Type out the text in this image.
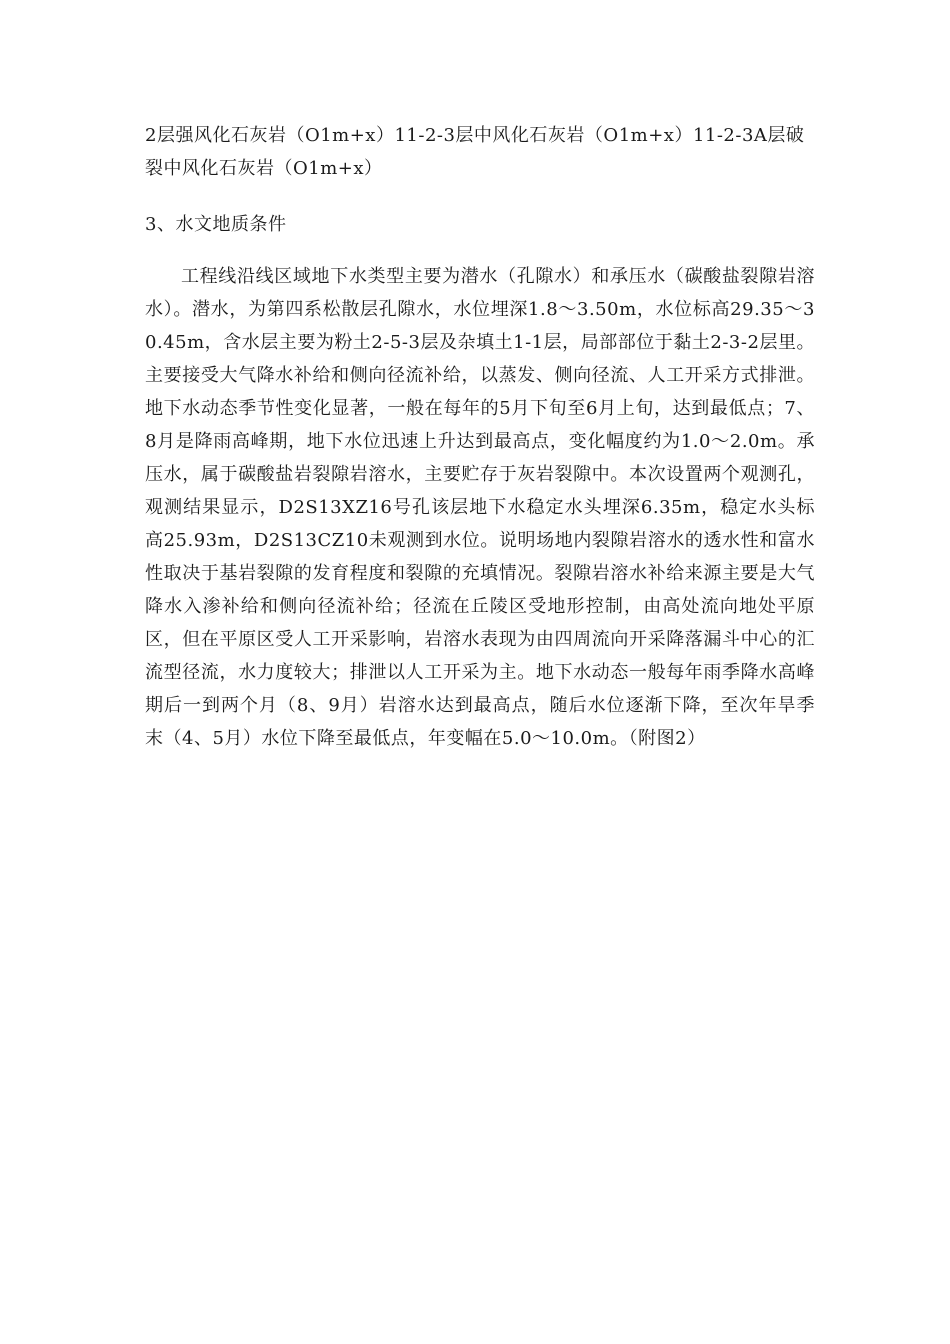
2层强风化石灰岩（O1m+x）11-2-3层中风化石灰岩（O1m+x）11-2-3A层破裂中风化石灰岩（O1m+x）
3、水文地质条件
工程线沿线区域地下水类型主要为潜水（孔隙水）和承压水（碳酸盐裂隙岩溶水）。潜水，为第四系松散层孔隙水，水位埋深1.8～3.50m，水位标高29.35～30.45m，含水层主要为粉土2-5-3层及杂填土1-1层，局部部位于黏土2-3-2层里。主要接受大气降水补给和侧向径流补给，以蒸发、侧向径流、人工开采方式排泄。地下水动态季节性变化显著，一般在每年的5月下旬至6月上旬，达到最低点；7、8月是降雨高峰期，地下水位迅速上升达到最高点，变化幅度约为1.0～2.0m。承压水，属于碳酸盐岩裂隙岩溶水，主要贮存于灰岩裂隙中。本次设置两个观测孔，观测结果显示，D2S13XZ16号孔该层地下水稳定水头埋深6.35m，稳定水头标高25.93m，D2S13CZ10未观测到水位。说明场地内裂隙岩溶水的透水性和富水性取决于基岩裂隙的发育程度和裂隙的充填情况。裂隙岩溶水补给来源主要是大气降水入渗补给和侧向径流补给；径流在丘陵区受地形控制，由高处流向地处平原区，但在平原区受人工开采影响，岩溶水表现为由四周流向开采降落漏斗中心的汇流型径流，水力度较大；排泄以人工开采为主。地下水动态一般每年雨季降水高峰期后一到两个月（8、9月）岩溶水达到最高点，随后水位逐渐下降，至次年旱季末（4、5月）水位下降至最低点，年变幅在5.0～10.0m。（附图2）
